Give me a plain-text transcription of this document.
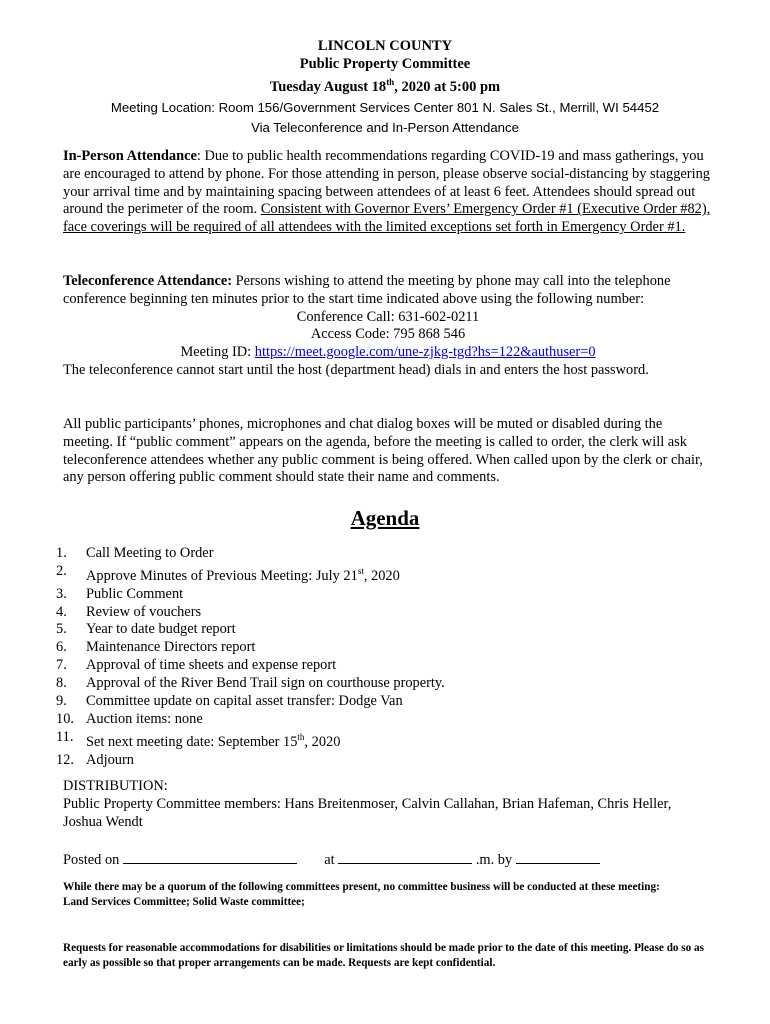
LINCOLN COUNTY
Public Property Committee
Tuesday August 18th, 2020 at 5:00 pm
Meeting Location: Room 156/Government Services Center 801 N. Sales St., Merrill, WI 54452
Via Teleconference and In-Person Attendance
In-Person Attendance: Due to public health recommendations regarding COVID-19 and mass gatherings, you are encouraged to attend by phone. For those attending in person, please observe social-distancing by staggering your arrival time and by maintaining spacing between attendees of at least 6 feet. Attendees should spread out around the perimeter of the room. Consistent with Governor Evers’ Emergency Order #1 (Executive Order #82), face coverings will be required of all attendees with the limited exceptions set forth in Emergency Order #1.
Teleconference Attendance: Persons wishing to attend the meeting by phone may call into the telephone conference beginning ten minutes prior to the start time indicated above using the following number:
Conference Call: 631-602-0211
Access Code: 795 868 546
Meeting ID: https://meet.google.com/une-zjkg-tgd?hs=122&authuser=0
The teleconference cannot start until the host (department head) dials in and enters the host password.
All public participants’ phones, microphones and chat dialog boxes will be muted or disabled during the meeting. If “public comment” appears on the agenda, before the meeting is called to order, the clerk will ask teleconference attendees whether any public comment is being offered. When called upon by the clerk or chair, any person offering public comment should state their name and comments.
Agenda
1.	Call Meeting to Order
2.	Approve Minutes of Previous Meeting: July 21st, 2020
3.	Public Comment
4.	Review of vouchers
5.	Year to date budget report
6.	Maintenance Directors report
7.	Approval of time sheets and expense report
8.	Approval of the River Bend Trail sign on courthouse property.
9.	Committee update on capital asset transfer: Dodge Van
10. Auction items: none
11. Set next meeting date: September 15th, 2020
12. Adjourn
DISTRIBUTION:
Public Property Committee members: Hans Breitenmoser, Calvin Callahan, Brian Hafeman, Chris Heller, Joshua Wendt
Posted on	at	.m. by
While there may be a quorum of the following committees present, no committee business will be conducted at these meeting:
Land Services Committee; Solid Waste committee;
Requests for reasonable accommodations for disabilities or limitations should be made prior to the date of this meeting. Please do so as early as possible so that proper arrangements can be made. Requests are kept confidential.
